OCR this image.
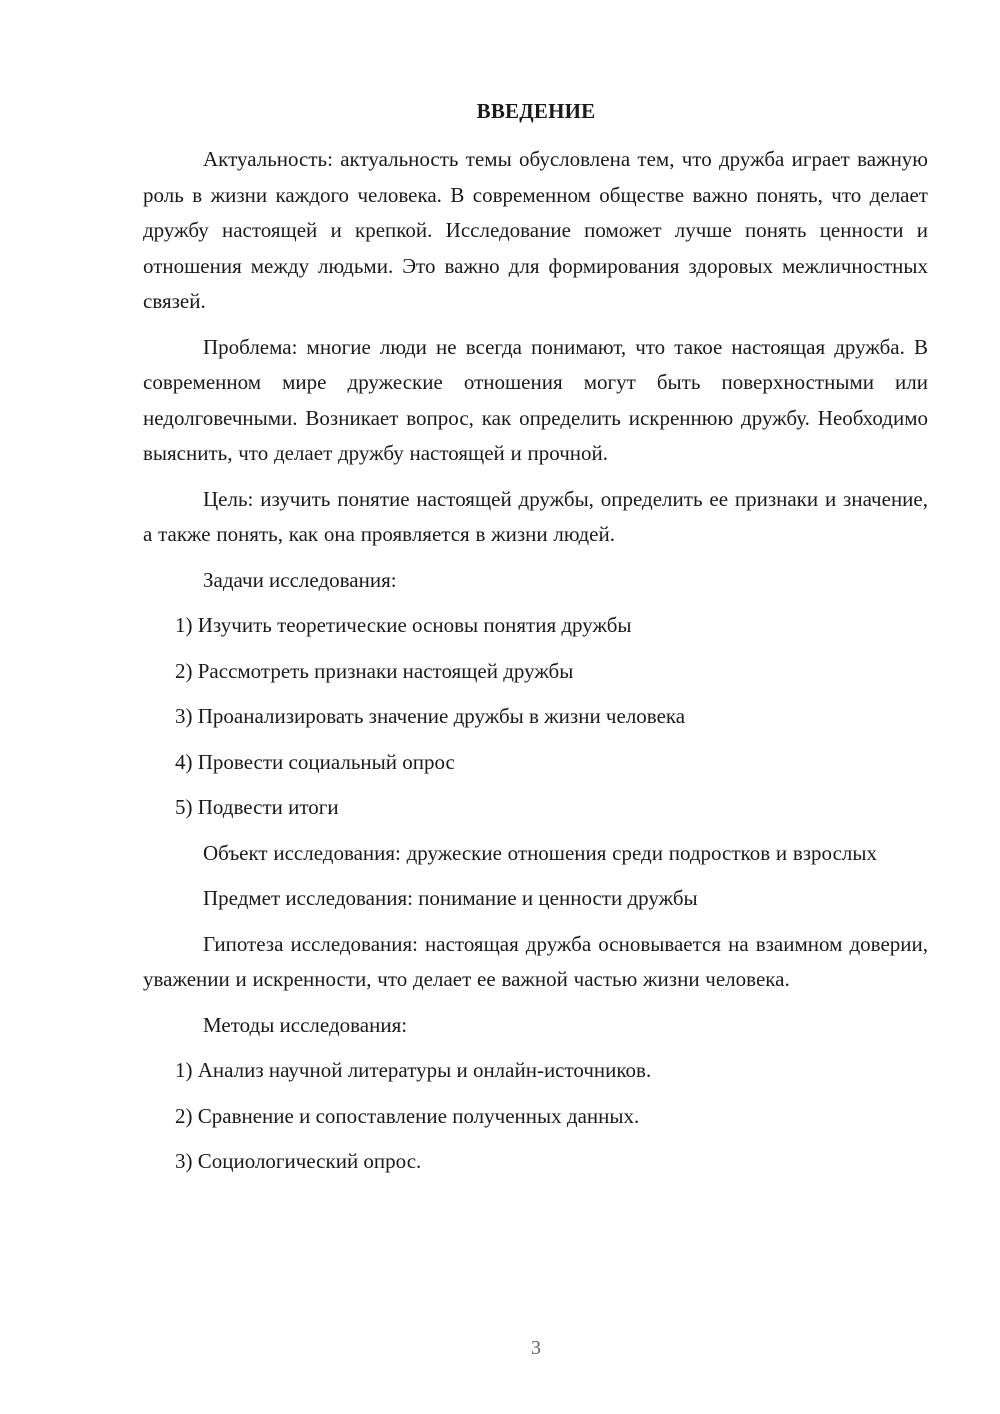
ВВЕДЕНИЕ
Актуальность: актуальность темы обусловлена тем, что дружба играет важную роль в жизни каждого человека. В современном обществе важно понять, что делает дружбу настоящей и крепкой. Исследование поможет лучше понять ценности и отношения между людьми. Это важно для формирования здоровых межличностных связей.
Проблема: многие люди не всегда понимают, что такое настоящая дружба. В современном мире дружеские отношения могут быть поверхностными или недолговечными. Возникает вопрос, как определить искреннюю дружбу. Необходимо выяснить, что делает дружбу настоящей и прочной.
Цель: изучить понятие настоящей дружбы, определить ее признаки и значение, а также понять, как она проявляется в жизни людей.
Задачи исследования:
1) Изучить теоретические основы понятия дружбы
2) Рассмотреть признаки настоящей дружбы
3) Проанализировать значение дружбы в жизни человека
4) Провести социальный опрос
5) Подвести итоги
Объект исследования: дружеские отношения среди подростков и взрослых
Предмет исследования: понимание и ценности дружбы
Гипотеза исследования: настоящая дружба основывается на взаимном доверии, уважении и искренности, что делает ее важной частью жизни человека.
Методы исследования:
1) Анализ научной литературы и онлайн-источников.
2) Сравнение и сопоставление полученных данных.
3) Социологический опрос.
3
